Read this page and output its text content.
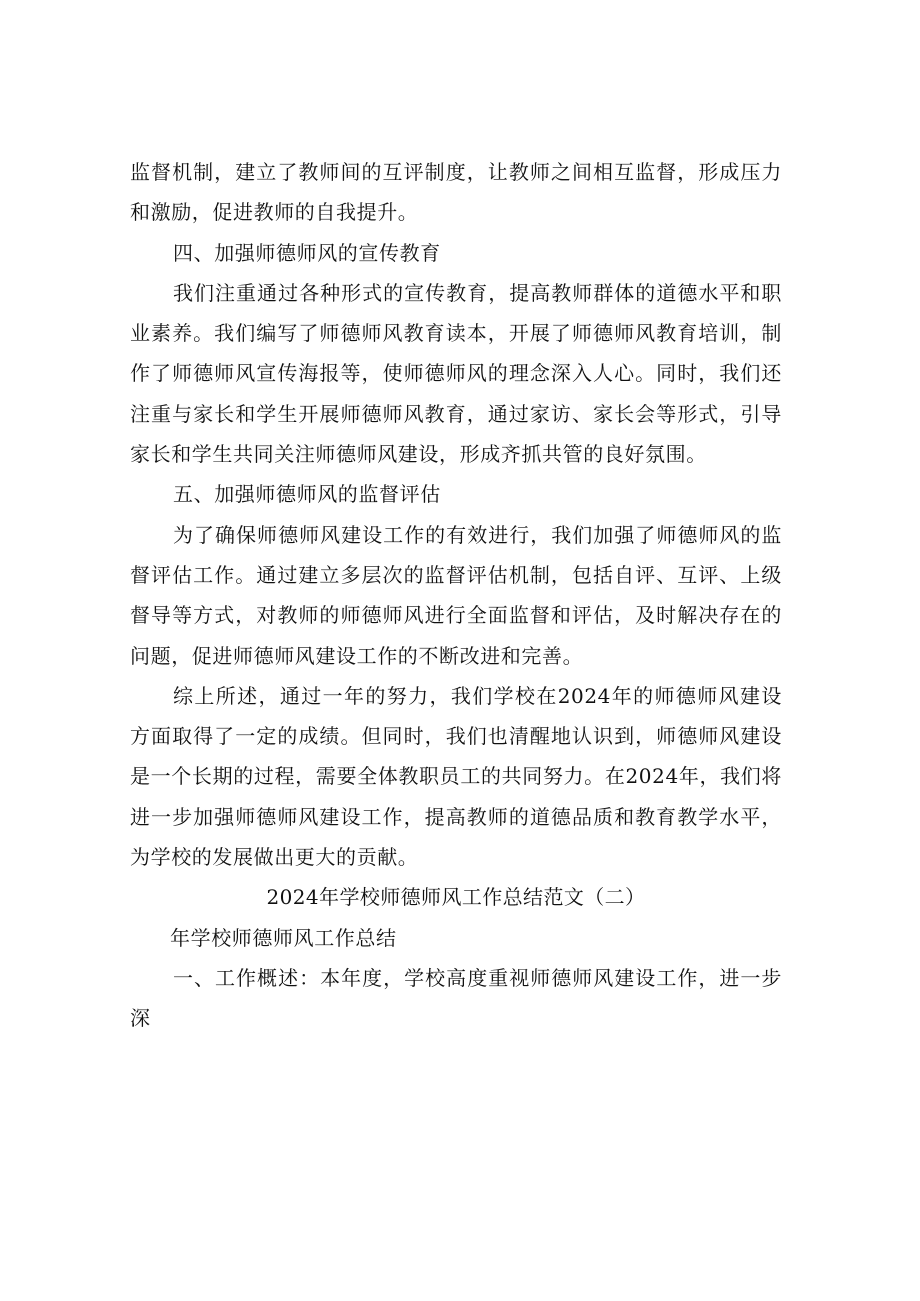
监督机制，建立了教师间的互评制度，让教师之间相互监督，形成压力和激励，促进教师的自我提升。

四、加强师德师风的宣传教育

我们注重通过各种形式的宣传教育，提高教师群体的道德水平和职业素养。我们编写了师德师风教育读本，开展了师德师风教育培训，制作了师德师风宣传海报等，使师德师风的理念深入人心。同时，我们还注重与家长和学生开展师德师风教育，通过家访、家长会等形式，引导家长和学生共同关注师德师风建设，形成齐抓共管的良好氛围。

五、加强师德师风的监督评估

为了确保师德师风建设工作的有效进行，我们加强了师德师风的监督评估工作。通过建立多层次的监督评估机制，包括自评、互评、上级督导等方式，对教师的师德师风进行全面监督和评估，及时解决存在的问题，促进师德师风建设工作的不断改进和完善。

综上所述，通过一年的努力，我们学校在2024年的师德师风建设方面取得了一定的成绩。但同时，我们也清醒地认识到，师德师风建设是一个长期的过程，需要全体教职员工的共同努力。在2024年，我们将进一步加强师德师风建设工作，提高教师的道德品质和教育教学水平，为学校的发展做出更大的贡献。

2024年学校师德师风工作总结范文（二）

年学校师德师风工作总结

一、工作概述：本年度，学校高度重视师德师风建设工作，进一步深
